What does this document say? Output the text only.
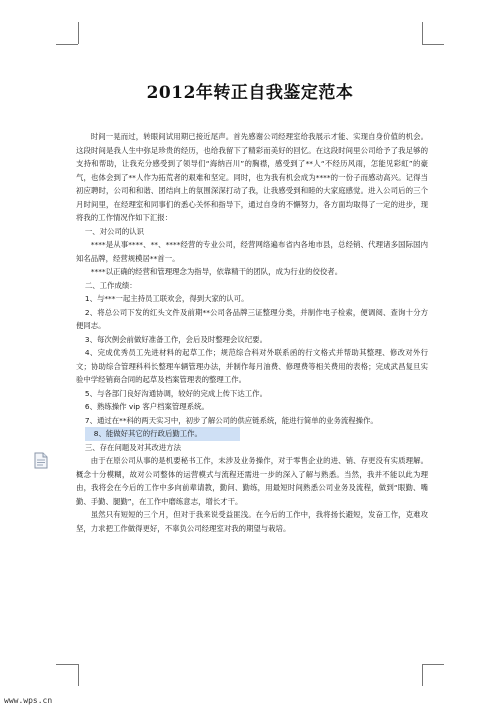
2012年转正自我鉴定范本

时间一晃而过，转眼间试用期已接近尾声。首先感谢公司经理室给我展示才能、实现自身价值的机会。这段时间是我人生中弥足珍贵的经历，也给我留下了精彩而美好的回忆。在这段时间里公司给予了我足够的支持和帮助，让我充分感受到了领导们“海纳百川”的胸襟，感受到了**人“不经历风雨，怎能见彩虹”的豪气，也体会到了**人作为拓荒者的艰难和坚定。同时，也为我有机会成为****的一份子而感动高兴。记得当初应聘时，公司和和谐、团结向上的氛围深深打动了我，让我感受到和睦的大家庭感觉。进入公司后的三个月时间里，在经理室和同事们的悉心关怀和指导下，通过自身的不懈努力，各方面均取得了一定的进步，现将我的工作情况作如下汇报：

一、对公司的认识

****是从事****、**、****经营的专业公司，经营网络遍布省内各地市县，总经销、代理诸多国际国内知名品牌，经营规模居**首一。

****以正确的经营和管理理念为指导，依靠精干的团队，成为行业的佼佼者。

二、工作成绩：

1、与***一起主持员工联欢会，得到大家的认可。

2、将总公司下发的红头文件及前期**公司各品牌三证整理分类，并制作电子检索，便调阅、查询十分方便同志。

3、每次例会前做好准备工作，会后及时整理会议纪要。

4、完成优秀员工先进材料的起草工作；规范综合科对外联系函的行文格式并帮助其整理、修改对外行文；协助综合管理科科长整理车辆管理办法，并制作每月油费、修理费等相关费用的表格；完成武昌复旦实验中学经销商合同的起草及档案管理表的整理工作。

5、与各部门良好沟通协调，较好的完成上传下达工作。

6、熟练操作 vip 客户档案管理系统。

7、通过在**科的两天实习中，初步了解公司的供应链系统，能进行简单的业务流程操作。

8、能做好其它的行政后勤工作。

三、存在问题及对其改进方法

由于在原公司从事的是机要秘书工作，未涉及业务操作，对于零售企业的进、销、存更没有实质理解。概念十分模糊，故对公司整体的运营模式与流程还需进一步的深入了解与熟悉。当然，我并不能以此为理由，我将会在今后的工作中多向前辈请教，勤问、勤练，用最短时间熟悉公司业务及流程，做到“眼勤、嘴勤、手勤、腿勤”，在工作中磨练意志，增长才干。

虽然只有短短的三个月，但对于我来说受益匪浅。在今后的工作中，我将扬长避短，发奋工作，克难攻坚，力求把工作做得更好，不辜负公司经理室对我的期望与栽培。

www.wps.cn
